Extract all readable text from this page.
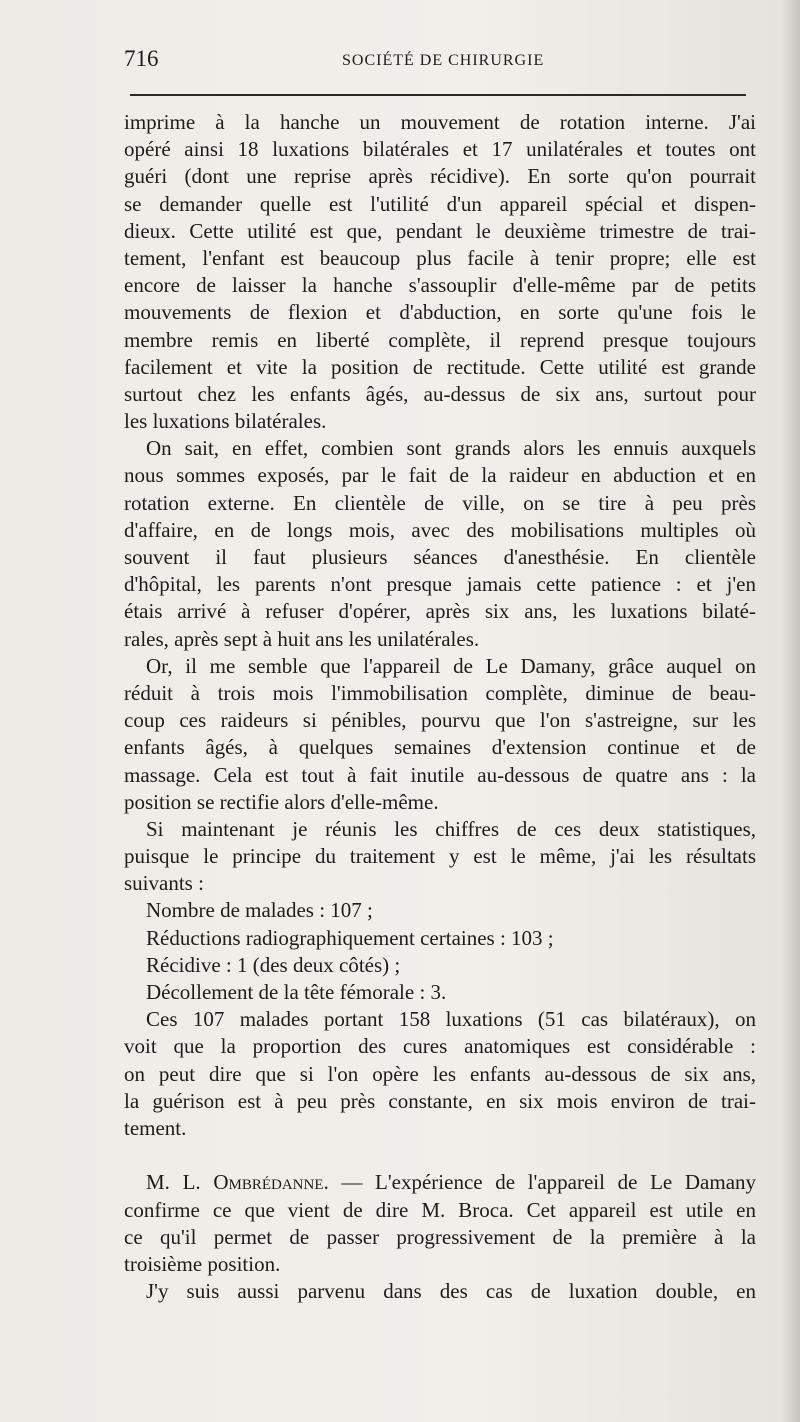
716	SOCIÉTÉ DE CHIRURGIE
imprime à la hanche un mouvement de rotation interne. J'ai
opéré ainsi 18 luxations bilatérales et 17 unilatérales et toutes ont
guéri (dont une reprise après récidive). En sorte qu'on pourrait
se demander quelle est l'utilité d'un appareil spécial et dispen-
dieux. Cette utilité est que, pendant le deuxième trimestre de trai-
tement, l'enfant est beaucoup plus facile à tenir propre; elle est
encore de laisser la hanche s'assouplir d'elle-même par de petits
mouvements de flexion et d'abduction, en sorte qu'une fois le
membre remis en liberté complète, il reprend presque toujours
facilement et vite la position de rectitude. Cette utilité est grande
surtout chez les enfants âgés, au-dessus de six ans, surtout pour
les luxations bilatérales.
On sait, en effet, combien sont grands alors les ennuis auxquels
nous sommes exposés, par le fait de la raideur en abduction et en
rotation externe. En clientèle de ville, on se tire à peu près
d'affaire, en de longs mois, avec des mobilisations multiples où
souvent il faut plusieurs séances d'anesthésie. En clientèle
d'hôpital, les parents n'ont presque jamais cette patience : et j'en
étais arrivé à refuser d'opérer, après six ans, les luxations bilaté-
rales, après sept à huit ans les unilatérales.
Or, il me semble que l'appareil de Le Damany, grâce auquel on
réduit à trois mois l'immobilisation complète, diminue de beau-
coup ces raideurs si pénibles, pourvu que l'on s'astreigne, sur les
enfants âgés, à quelques semaines d'extension continue et de
massage. Cela est tout à fait inutile au-dessous de quatre ans : la
position se rectifie alors d'elle-même.
Si maintenant je réunis les chiffres de ces deux statistiques,
puisque le principe du traitement y est le même, j'ai les résultats
suivants :
Nombre de malades : 107 ;
Réductions radiographiquement certaines : 103 ;
Récidive : 1 (des deux côtés) ;
Décollement de la tête fémorale : 3.
Ces 107 malades portant 158 luxations (51 cas bilatéraux), on
voit que la proportion des cures anatomiques est considérable :
on peut dire que si l'on opère les enfants au-dessous de six ans,
la guérison est à peu près constante, en six mois environ de trai-
tement.
M. L. Ombrédanne. — L'expérience de l'appareil de Le Damany
confirme ce que vient de dire M. Broca. Cet appareil est utile en
ce qu'il permet de passer progressivement de la première à la
troisième position.
J'y suis aussi parvenu dans des cas de luxation double, en
